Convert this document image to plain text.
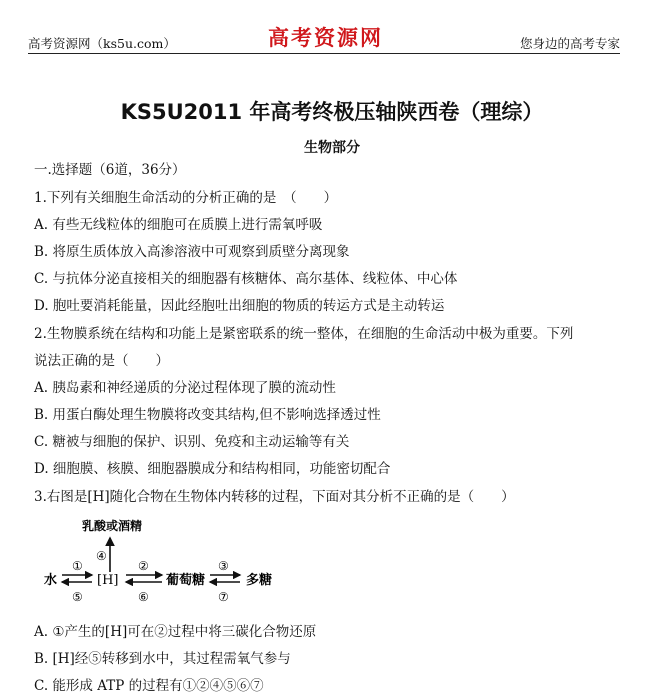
高考资源网（ks5u.com）	高考资源网	您身边的高考专家
KS5U2011 年高考终极压轴陕西卷（理综）
生物部分
一.选择题（6道，36分）
1.下列有关细胞生命活动的分析正确的是　（　　）
A. 有些无线粒体的细胞可在质膜上进行需氧呼吸
B. 将原生质体放入高渗溶液中可观察到质壁分离现象
C. 与抗体分泌直接相关的细胞器有核糖体、高尔基体、线粒体、中心体
D. 胞吐要消耗能量，因此经胞吐出细胞的物质的转运方式是主动转运
2.生物膜系统在结构和功能上是紧密联系的统一整体，在细胞的生命活动中极为重要。下列
说法正确的是（　　）
A. 胰岛素和神经递质的分泌过程体现了膜的流动性
B. 用蛋白酶处理生物膜将改变其结构,但不影响选择透过性
C. 糖被与细胞的保护、识别、免疫和主动运输等有关
D. 细胞膜、核膜、细胞器膜成分和结构相同，功能密切配合
3.右图是[H]随化合物在生物体内转移的过程，下面对其分析不正确的是（　　）
乳酸或酒精
④
水
①
⑤
[H]
②
⑥
葡萄糖
③
⑦
多糖
A. ①产生的[H]可在②过程中将三碳化合物还原
B. [H]经⑤转移到水中，其过程需氧气参与
C. 能形成 ATP 的过程有①②④⑤⑥⑦
